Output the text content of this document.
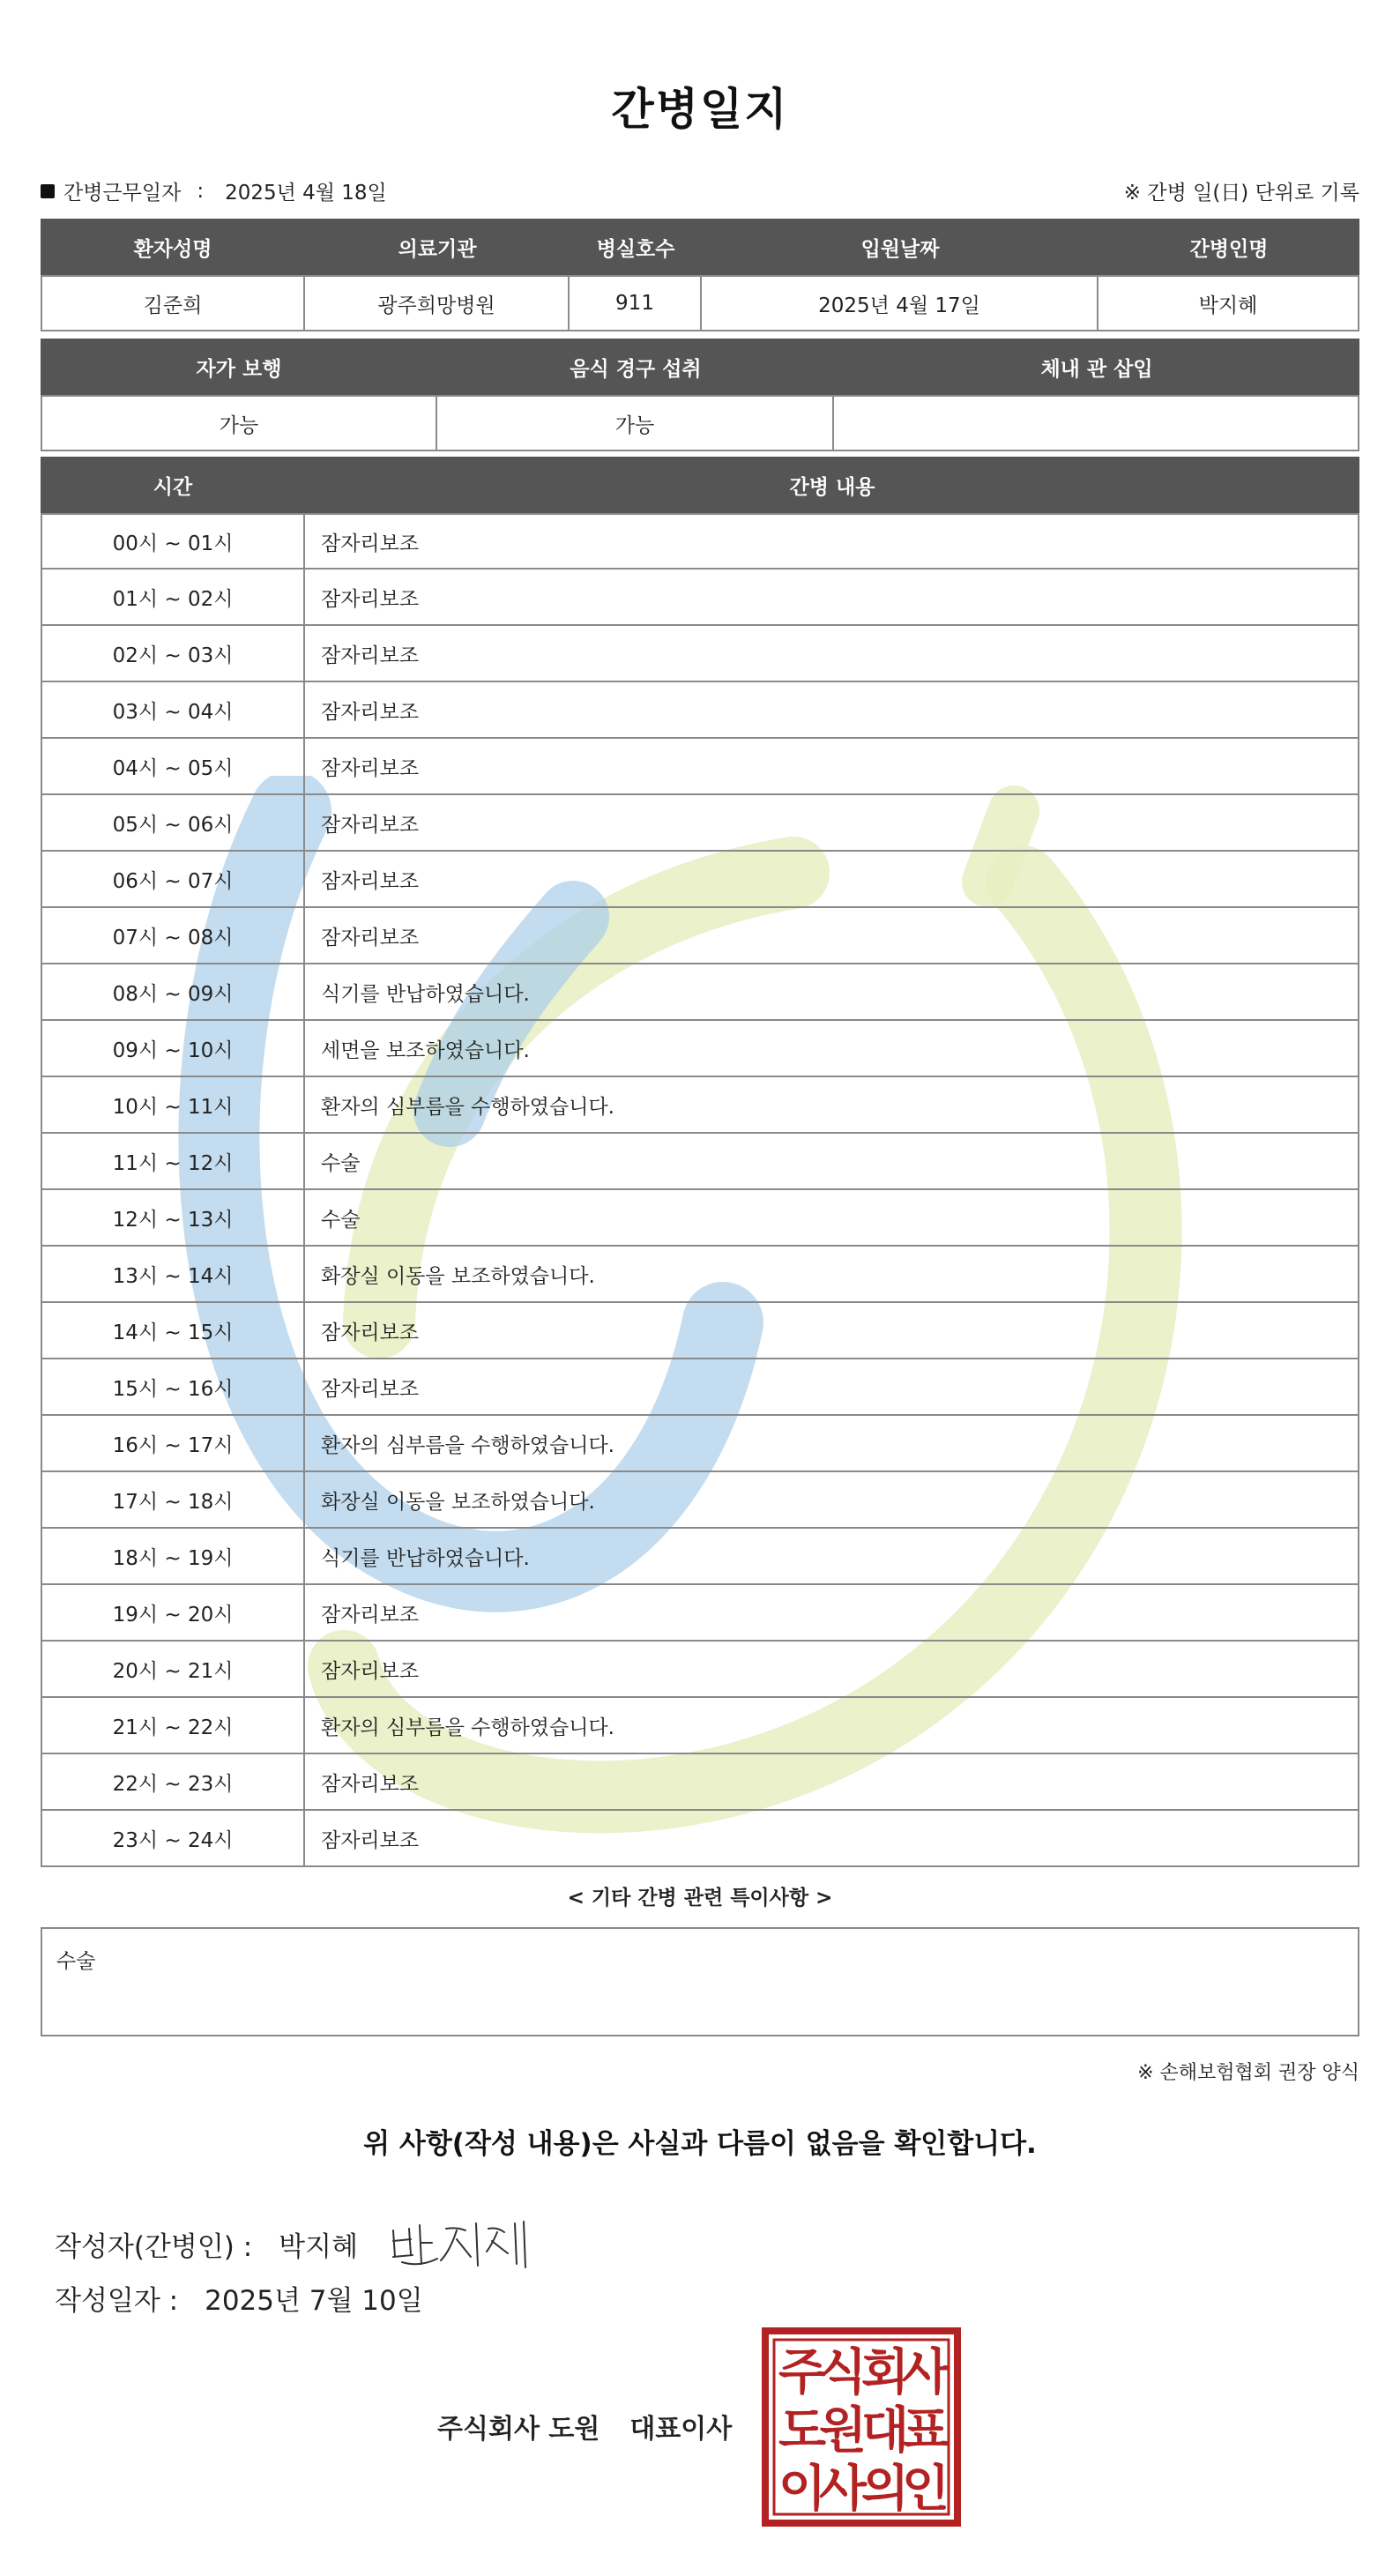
간병일지
간병근무일자 : 2025년 4월 18일	※ 간병 일(日) 단위로 기록
환자성명	의료기관	병실호수	입원날짜	간병인명
김준희	광주희망병원	911	2025년 4월 17일	박지혜
자가 보행	음식 경구 섭취	체내 관 삽입
가능	가능
시간	간병 내용
00시 ~ 01시	잠자리보조
01시 ~ 02시	잠자리보조
02시 ~ 03시	잠자리보조
03시 ~ 04시	잠자리보조
04시 ~ 05시	잠자리보조
05시 ~ 06시	잠자리보조
06시 ~ 07시	잠자리보조
07시 ~ 08시	잠자리보조
08시 ~ 09시	식기를 반납하였습니다.
09시 ~ 10시	세면을 보조하였습니다.
10시 ~ 11시	환자의 심부름을 수행하였습니다.
11시 ~ 12시	수술
12시 ~ 13시	수술
13시 ~ 14시	화장실 이동을 보조하였습니다.
14시 ~ 15시	잠자리보조
15시 ~ 16시	잠자리보조
16시 ~ 17시	환자의 심부름을 수행하였습니다.
17시 ~ 18시	화장실 이동을 보조하였습니다.
18시 ~ 19시	식기를 반납하였습니다.
19시 ~ 20시	잠자리보조
20시 ~ 21시	잠자리보조
21시 ~ 22시	환자의 심부름을 수행하였습니다.
22시 ~ 23시	잠자리보조
23시 ~ 24시	잠자리보조
< 기타 간병 관련 특이사항 >
수술
※ 손해보험협회 권장 양식
위 사항(작성 내용)은 사실과 다름이 없음을 확인합니다.
작성자(간병인) : 박지혜
작성일자 : 2025년 7월 10일
주식회사 도원 대표이사
주
식
회
사
도
원
대
표
이
사
의
인
